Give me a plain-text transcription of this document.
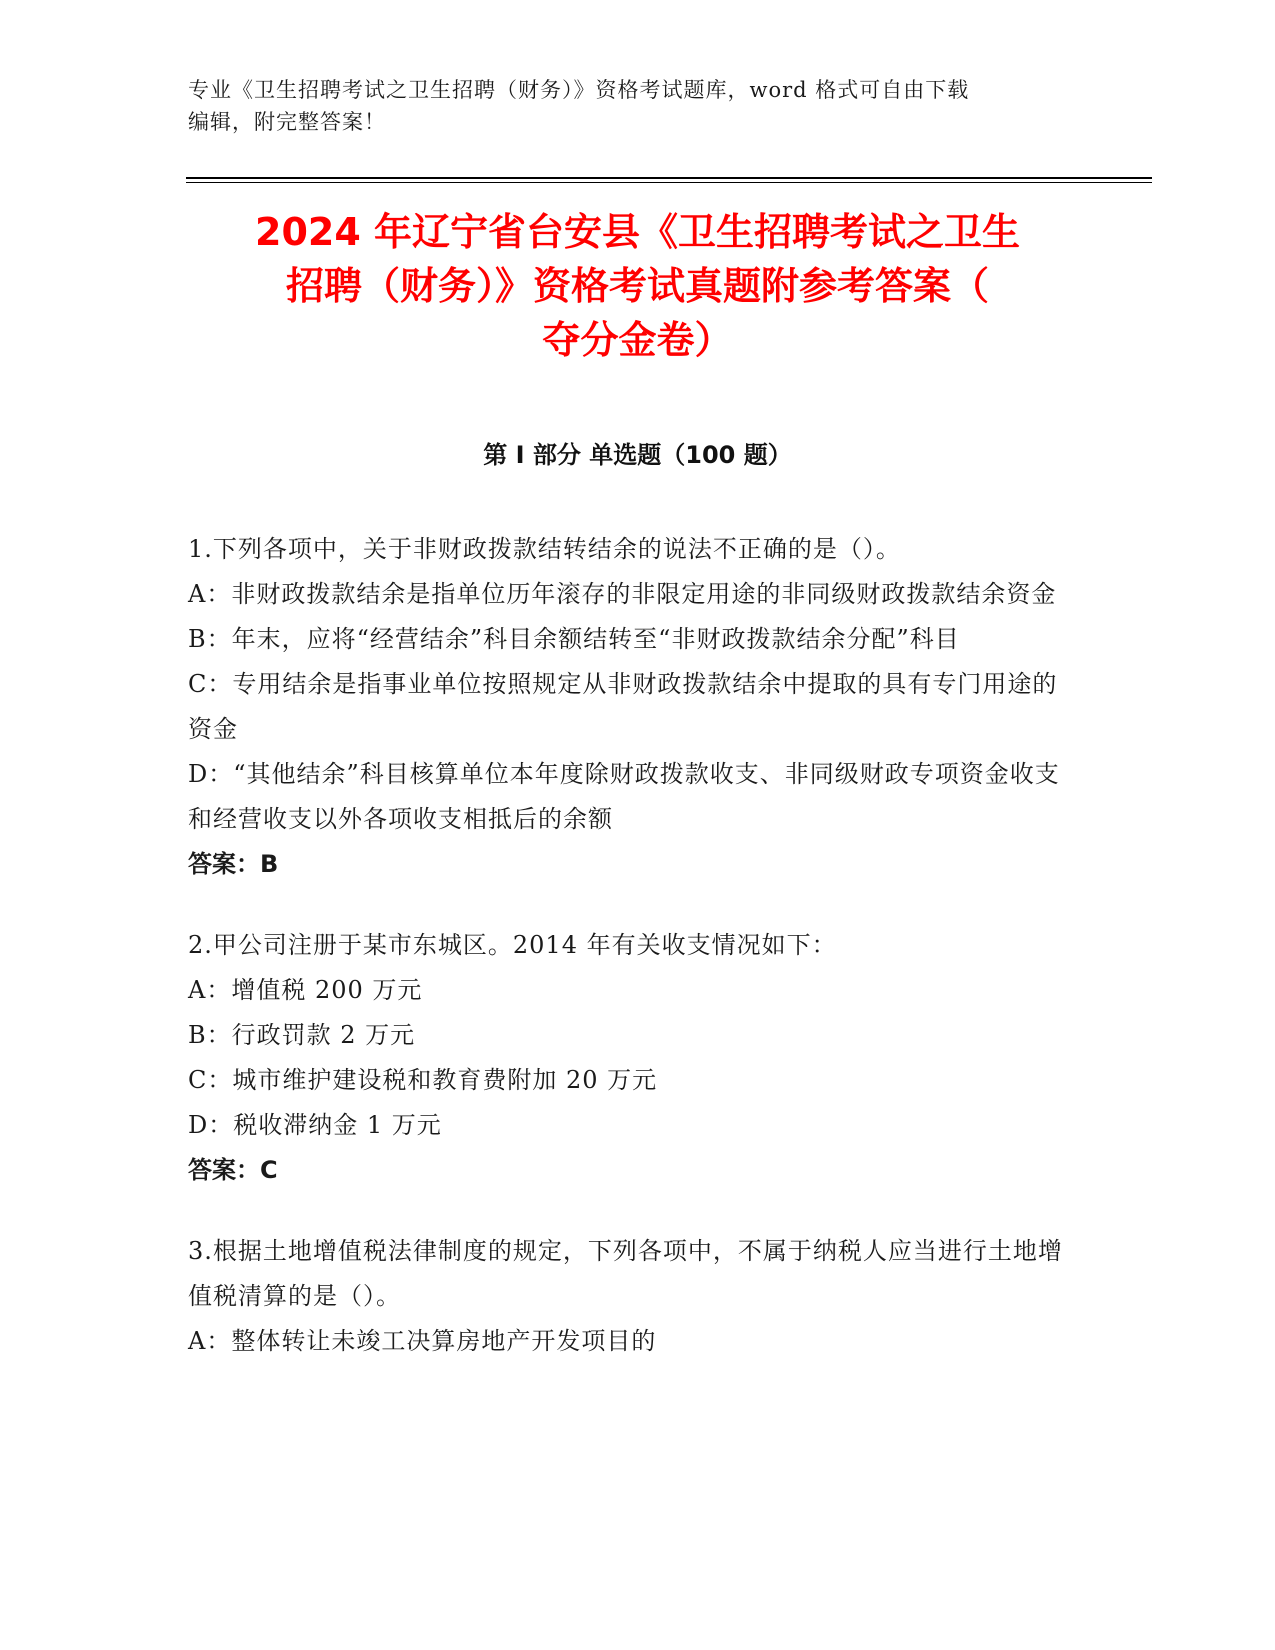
专业《卫生招聘考试之卫生招聘（财务）》资格考试题库，word 格式可自由下载
编辑，附完整答案！
2024 年辽宁省台安县《卫生招聘考试之卫生
招聘（财务）》资格考试真题附参考答案（
夺分金卷）
第 I 部分 单选题（100 题）

1.下列各项中，关于非财政拨款结转结余的说法不正确的是（）。

A：非财政拨款结余是指单位历年滚存的非限定用途的非同级财政拨款结余资金

B：年末，应将“经营结余”科目余额结转至“非财政拨款结余分配”科目

C：专用结余是指事业单位按照规定从非财政拨款结余中提取的具有专门用途的资金

D：“其他结余”科目核算单位本年度除财政拨款收支、非同级财政专项资金收支和经营收支以外各项收支相抵后的余额

答案：B

2.甲公司注册于某市东城区。2014 年有关收支情况如下：

A：增值税 200 万元

B：行政罚款 2 万元

C：城市维护建设税和教育费附加 20 万元

D：税收滞纳金 1 万元

答案：C

3.根据土地增值税法律制度的规定，下列各项中，不属于纳税人应当进行土地增值税清算的是（）。

A：整体转让未竣工决算房地产开发项目的
